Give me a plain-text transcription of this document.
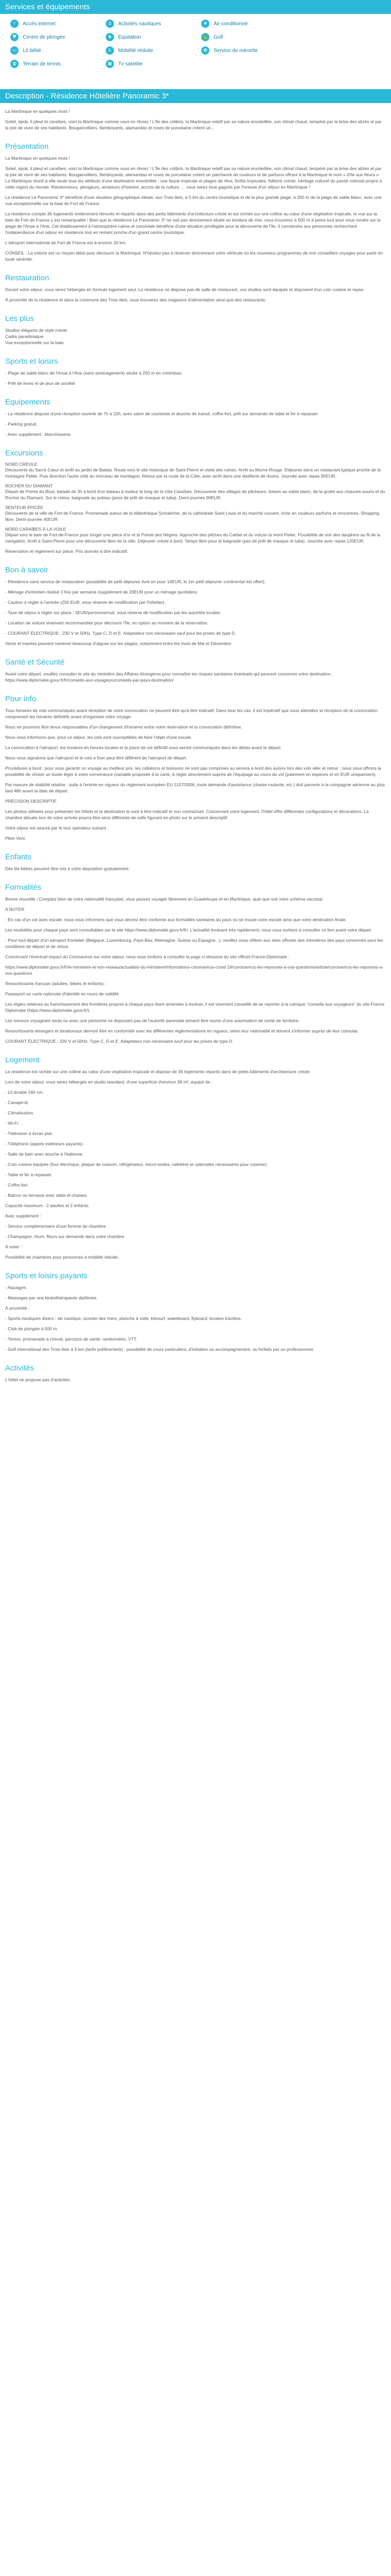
Services et équipements
⌔	Accès internet	⚓	Activités nautiques	❄	Air conditionné
♥	Centre de plongée	♞	Equitation	⛳ Golf
▭	Lit bébé	♿	Mobilité réduite	✿	Service de ménette
◍	Terrain de tennis	▣	Tv satellite
Description - Résidence Hôtelière Panoramic 3*

La Martinique en quelques mots !

Soleil, épok, il pleut et caraïbes, voici la Martinique comme vous en rêviez ! L'île des colibris, la Martinique relatif par sa nature ensoleillée, son climat chaud, tempéré par la brise des alizés et par la joie de vivre de ses habitants. Bougainvilliers, flamboyants, alamandas et roses de porcelaine créent un...

Présentation

La Martinique en quelques mots !

Soleil, épok, il pleut et caraïbes, voici la Martinique comme vous en rêviez ! L'île des colibris, la Martinique relatif par sa nature ensoleillée, son climat chaud, tempéré par la brise des alizés et par la joie de vivre de ses habitants. Bougainvilliers, flamboyants, alamandas et roses de porcelaine créent un patchwork de couleurs et de parfums offrant à la Martinique le nom « d'île aux fleurs ». La Martinique réunit à elle seule tous les attributs d'une destination ensoleillée : une faune tropicale et plages de rêve, forêts tropicales, folklore créole, héritage culturel du passé colonial propre à cette région du monde. Randonneurs, plongeurs, amateurs d'histoire, accros de la culture, ... vous serez tous gagnés par l'ivresse d'un séjour en Martinique !

La résidence Le Panoramic 3* bénéficie d'une situation géographique idéale, aux Trois-Ilets, à 5 km du centre touristique et de la plus grande plage, à 200 m de la plage de sable blanc, avec une vue exceptionnelle sur la baie de Fort de France.

La résidence compte 36 logements entièrement rénovés et répartis dans des petits bâtiments d'architecture créole et est nichée sur une colline au cœur d'une végétation tropicale, la vue sur la baie de Fort de France y est remarquable ! Bien que la résidence Le Panoramic 3* ne soit pas directement située en bordure de mer, vous trouverez à 500 m à peine tout pour vous rendre sur la plage de l'Anse à l'Ane. Cet établissement à l'atmosphère calme et conviviale bénéficie d'une situation privilégiée pour la découverte de l'île, il conviendra aux personnes recherchant l'indépendance d'un séjour en résidence tout en restant proche d'un grand centre touristique.

L'aéroport international de Fort de France est à environ 20 km.

CONSEIL : La voiture est un moyen idéal pour découvrir la Martinique. N'hésitez pas à réserver directement votre véhicule où les nouveaux programmes de nos conseillers voyages pour partir en toute sérénité.

Restauration

Durant votre séjour, vous serez hébergés en formule logement seul. La résidence ne dispose pas de salle de restaurant, vos studios sont équipés et disposent d'un coin cuisine et repas.

À proximité de la résidence et dans la commune des Trois-Ilets, vous trouverez des magasins d'alimentation ainsi que des restaurants.

Les plus
Studios élégants de style créole
Cadre paradisiaque
Vue exceptionnelle sur la baie
Sports et loisirs

- Plage de sable blanc de l'Anse à l'Ane (sans aménagement) située à 250 m en contrebas.

- Prêt de livres et de jeux de société.

Equipements

- La résidence dispose d'une réception ouverte de 7h à 22h, avec salon de courtoisie et douche de transit, coffre-fort, prêt sur demande de table et fer à repasser.

- Parking gratuit.

- Avec supplément : blanchisserie.

Excursions
NORD CRÉOLE

Découverte du Sacré Cœur et arrêt au jardin de Balata. Route vers le site historique de Saint-Pierre et visite des ruines. Arrêt au Morne-Rouge. Déjeuner dans un restaurant typique proche de la montagne Pelée. Puis direction l'autre côté du morceau de montagne. Retour par la route de la Côte, avec arrêt dans une distillerie de rhums. Journée avec repas 95EUR.

ROCHER DU DIAMANT

Départ de Pointe du Bout, balade de 3h à bord d'un bateau à moteur le long de la côte Caraïbes. Découverte des villages de pêcheurs, ilotsen au sable blanc, de la grotte aux chauves-souris et du Rocher du Diamant. Sur le retour, baignade au poteau (poss de prêt de masque et tuba). Demi-journée 90EUR.

SENTEUR ÉPICÉE

Découverte de la ville de Fort de France. Promenade autour de la bibliothèque Schœlcher, de la cathédrale Saint Louis et du marché couvert, riche en couleurs parfums et rencontres. Shopping libre. Demi-journée 40EUR.

NORD CARAÏBES À LA VOILE

Départ vers le baie de Fort-de-France pour longer une pièce d'or et la Pointe des Nègres. Approche des pêches du Carbet et du volcan la mont Pelée. Possibilité de voir des dauphins au fil de la navigation. Arrêt à Saint-Pierre pour une découverte libre de la ville. Déjeuner créole à bord. Temps libre pour la baignade (pas de prêt de masque et tuba). Journée avec repas 120EUR.

Réservation et règlement sur place. Prix donnés à titre indicatif.

Bon à savoir

- Résidence sans service de restauration (possibilité de petit déjeuner livré en pour 14EUR, le 1er petit déjeuner continental est offert).

- Ménage d'entretien réalisé 3 fois par semaine (supplément de 20EUR pour un ménage quotidien).

- Caution à régler à l'arrivée (250 EUR, sous réserve de modification par l'hôtelier).

- Taxe de séjour à régler sur place : 1EUR/personne/nuit, sous réserve de modification par les autorités locales.

- Location de voiture vivement recommandée pour découvrir l'île, en option au moment de la réservation.

- COURANT ÉLECTRIQUE : 230 V et 50Hz. Type C, D et E. Adaptateur non nécessaire sauf pour les prises de type D.

Vents et marées peuvent ramener beaucoup d'algues sur les plages, notamment entre les mois de Mai et Décembre.

Santé et Sécurité

Avant votre départ, veuillez consulter le site du ministère des Affaires étrangères pour connaître les risques sanitaires éventuels qui peuvent concerner votre destination : https://www.diplomatie.gouv.fr/fr/conseils-aux-voyageurs/conseils-par-pays-destination/

Pour info

Tous horaires de vols communiqués avant réception de votre convocation ne peuvent être qu'à titre indicatif. Dans tous les cas, il est impératif que vous attendiez la réception de la convocation comprenant les horaires définitifs avant d'organiser votre voyage.

Nous ne pourrons être tenus responsables d'un changement d'horaires entre votre réservation et la convocation définitive.

Nous vous informons que, pour ce séjour, les vols sont susceptibles de faire l'objet d'une escale.

La convocation à l'aéroport, les horaires en heures locales et la place de vol définitif vous seront communiqués dans les délais avant le départ.

Nous vous signalons que l'aéroport et le vols a fixer peut être différent de l'aéroport de départ.

Procédures à bord : pour vous garantir un voyage au meilleur prix, les collations et boissons ne sont pas comprises au service à bord des avions lors des vols aller et retour ; nous vous offrons la possibilité de choisir un buste léger à votre convenance (variable proposée à la carte, à régler directement auprès de l'équipage au cours du vol (paiement en espèces et en EUR uniquement).

Par mesure de stabilité relative : suite à l'entrée en vigueur du règlement européen EU 1107/2006, toute demande d'assistance (chaise roulante, etc.) doit parvenir à la compagnie aérienne au plus tard 48h avant la date de départ.

PRÉCISION DESCRIPTIF

Les photos utilisées pour présenter les hôtels et la destination le sont à titre indicatif et non contractuel. Concernant votre logement, l'hôtel offre différentes configurations et décorations. La chambre allouée lors de votre arrivée pourra être ainsi différente de celle figurant en photo sur le présent descriptif.

Votre séjour est assuré par le tour opérateur suivant :

Plein Vent

Enfants

Des lits bébés peuvent être mis à votre disposition gratuitement.

Formalités

Bonne nouvelle ! Comptez bien de votre nationalité française, vous pouvez voyager librement en Guadeloupe et en Martinique, quel que soit votre schéma vaccinal.

A NOTER

- En cas d'un vol avec escale, nous vous informons que vous devrez être conforme aux formalités sanitaires du pays où se trouve votre escale ainsi que votre destination finale.

Les modalités pour chaque pays sont consultables sur le site https://www.diplomatie.gouv.fr/fr/. L'actualité évoluant très rapidement, nous vous invitons à consulter ce lien avant votre départ.

- Pour tout départ d'un aéroport frontalier (Belgique, Luxembourg, Pays-Bas, Allemagne, Suisse ou Espagne...), veuillez vous référer aux sites officiels des ministères des pays concernés pour les conditions de départ et de retour.

Concernant l'éventuel impact du Coronavirus sur votre séjour, nous vous invitons à consulter la page ci-dessous du site officiel France.Diplomatie :

https://www.diplomatie.gouv.fr/fr/le-ministere-et-son-reseau/actualites-du-ministere/informations-coronavirus-covid-19/coronavirus-les-reponses-a-vos-questions/article/coronavirus-les-reponses-a-vos-questions

Ressortissants français (adultes, bébés et enfants) :

Passeport ou carte nationale d'identité en cours de validité.

Les règles relatives au franchissement des frontières propres à chaque pays étant amenées à évoluer, il est vivement conseillé de se reporter à la rubrique "conseils aux voyageurs" du site France Diplomatie (https://www.diplomatie.gouv.fr/).

Les mineurs voyageant seuls ou avec une personne ne disposant pas de l'autorité parentale doivent être munis d'une autorisation de sortie de territoire.

Ressortissants étrangers et binationaux devront être en conformité avec les différentes réglementations en vigueur, selon leur nationalité et doivent s'informer auprès de leur consulat.

COURANT ÉLECTRIQUE : 230 V et 50Hz. Type C, D et E. Adaptateur non nécessaire sauf pour les prises de type D.

Logement

La résidence est nichée sur une colline au cœur d'une végétation tropicale et dispose de 36 logements répartis dans de petits bâtiments d'architecture créole.

Lors de votre séjour, vous serez hébergés en studio standard, d'une superficie d'environ 36 m², équipé de :

- Lit double 160 cm.

- Canapé-lit.

- Climatisation.

- Wi-Fi.

- Télévision à écran plat.

- Téléphone (appels extérieurs payants).

- Salle de bain avec douche à l'italienne.

- Coin cuisine équipée (four électrique, plaque de cuisson, réfrigérateur, micro-ondes, cafetière et ustensiles nécessaires pour cuisiner).

- Table et fer à repasser.

- Coffre-fort.

- Balcon ou terrasse avec table et chaises.

Capacité maximum : 2 adultes et 2 enfants.

Avec supplément :

- Service complémentaire d'une femme de chambre.

- Champagne, rhum, fleurs sur demande dans votre chambre.

À noter :

Possibilité de chambres pour personnes à mobilité réduite.

Sports et loisirs payants

- Aquagym.

- Massages par une kinésithérapeute diplômée.

À proximité :

- Sports nautiques divers : ski nautique, scooter des mers, planche à voile, kitesurf, wakeboard, flyboard, bouées tractées.

- Club de plongée à 500 m.

- Tennis, promenade à cheval, parcours de santé, randonnées, VTT.

- Golf international des Trois-Ilets à 3 km (tarifs préférentiels) : possibilité de cours particuliers, d'initiation ou accompagnement, au forfaits par un professionnel.

Activités

L'hôtel ne propose pas d'activités.
